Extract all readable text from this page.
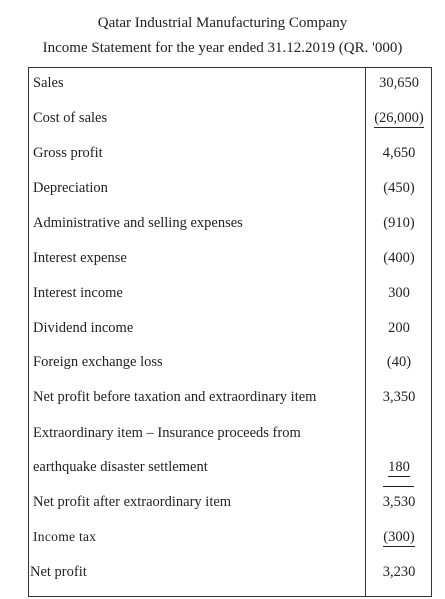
Qatar Industrial Manufacturing Company
Income Statement for the year ended 31.12.2019 (QR. '000)
Sales	30,650
Cost of sales	(26,000)
Gross profit	4,650
Depreciation	(450)
Administrative and selling expenses	(910)
Interest expense	(400)
Interest income	300
Dividend income	200
Foreign exchange loss	(40)
Net profit before taxation and extraordinary item	3,350
Extraordinary item – Insurance proceeds from
earthquake disaster settlement	180
Net profit after extraordinary item	3,530
Income tax	(300)
Net profit	3,230
